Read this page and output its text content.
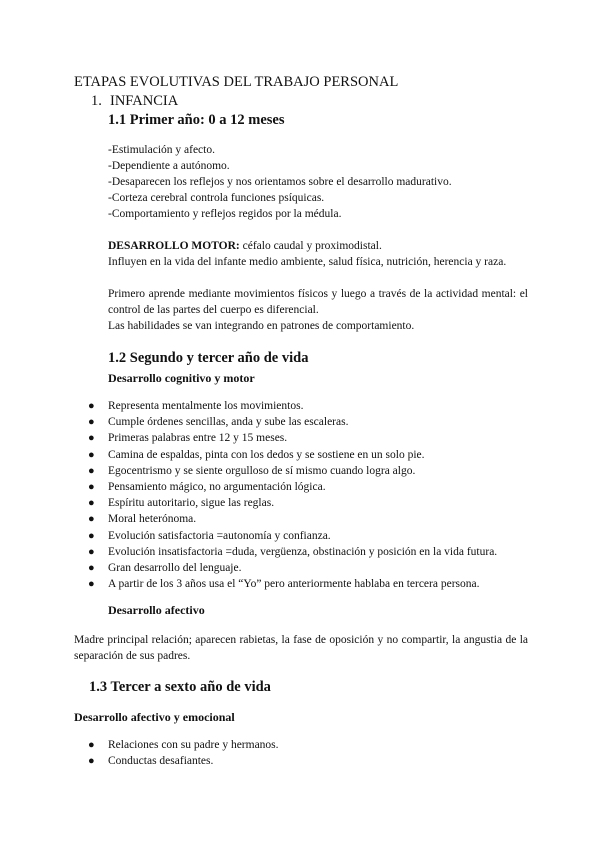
ETAPAS EVOLUTIVAS DEL TRABAJO PERSONAL
1. INFANCIA
1.1 Primer año: 0 a 12 meses
-Estimulación y afecto.
-Dependiente a autónomo.
-Desaparecen los reflejos y nos orientamos sobre el desarrollo madurativo.
-Corteza cerebral controla funciones psíquicas.
-Comportamiento y reflejos regidos por la médula.
DESARROLLO MOTOR: céfalo caudal y proximodistal.
Influyen en la vida del infante medio ambiente, salud física, nutrición, herencia y raza.
Primero aprende mediante movimientos físicos y luego a través de la actividad mental: el control de las partes del cuerpo es diferencial.
Las habilidades se van integrando en patrones de comportamiento.
1.2 Segundo y tercer año de vida
Desarrollo cognitivo y motor
● Representa mentalmente los movimientos.
● Cumple órdenes sencillas, anda y sube las escaleras.
● Primeras palabras entre 12 y 15 meses.
● Camina de espaldas, pinta con los dedos y se sostiene en un solo pie.
● Egocentrismo y se siente orgulloso de sí mismo cuando logra algo.
● Pensamiento mágico, no argumentación lógica.
● Espíritu autoritario, sigue las reglas.
● Moral heterónoma.
● Evolución satisfactoria =autonomía y confianza.
● Evolución insatisfactoria =duda, vergüenza, obstinación y posición en la vida futura.
● Gran desarrollo del lenguaje.
● A partir de los 3 años usa el “Yo” pero anteriormente hablaba en tercera persona.
Desarrollo afectivo
Madre principal relación; aparecen rabietas, la fase de oposición y no compartir, la angustia de la separación de sus padres.
1.3 Tercer a sexto año de vida
Desarrollo afectivo y emocional
● Relaciones con su padre y hermanos.
● Conductas desafiantes.
